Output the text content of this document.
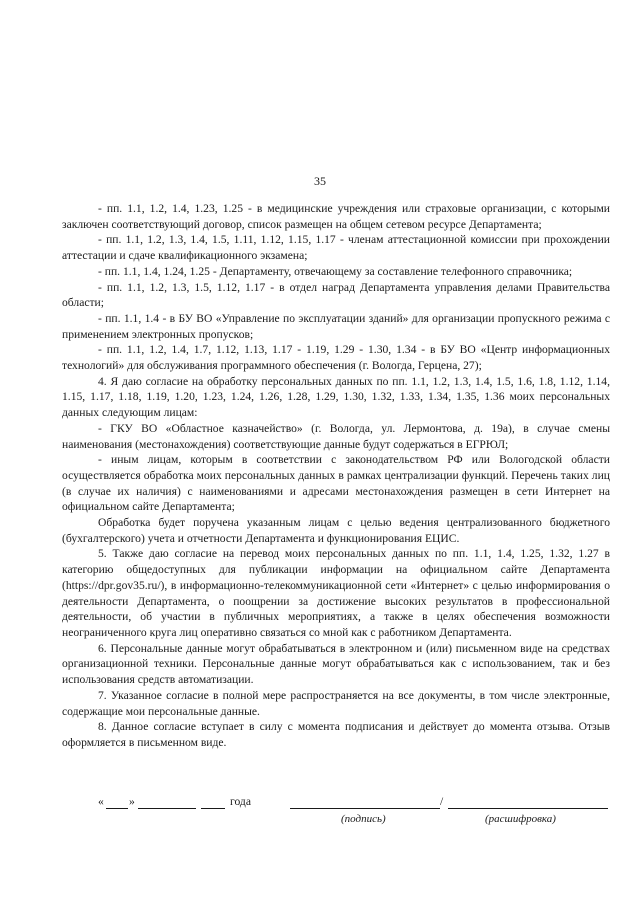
35

- пп. 1.1, 1.2, 1.4, 1.23, 1.25 - в медицинские учреждения или страховые организации, с которыми заключен соответствующий договор, список размещен на общем сетевом ресурсе Департамента;

- пп. 1.1, 1.2, 1.3, 1.4, 1.5, 1.11, 1.12, 1.15, 1.17 - членам аттестационной комиссии при прохождении аттестации и сдаче квалификационного экзамена;

- пп. 1.1, 1.4, 1.24, 1.25 - Департаменту, отвечающему за составление телефонного справочника;

- пп. 1.1, 1.2, 1.3, 1.5, 1.12, 1.17 - в отдел наград Департамента управления делами Правительства области;

- пп. 1.1, 1.4 - в БУ ВО «Управление по эксплуатации зданий» для организации пропускного режима с применением электронных пропусков;

- пп. 1.1, 1.2, 1.4, 1.7, 1.12, 1.13, 1.17 - 1.19, 1.29 - 1.30, 1.34 - в БУ ВО «Центр информационных технологий» для обслуживания программного обеспечения (г. Вологда, Герцена, 27);

4. Я даю согласие на обработку персональных данных по пп. 1.1, 1.2, 1.3, 1.4, 1.5, 1.6, 1.8, 1.12, 1.14, 1.15, 1.17, 1.18, 1.19, 1.20, 1.23, 1.24, 1.26, 1.28, 1.29, 1.30, 1.32, 1.33, 1.34, 1.35, 1.36 моих персональных данных следующим лицам:

- ГКУ ВО «Областное казначейство» (г. Вологда, ул. Лермонтова, д. 19а), в случае смены наименования (местонахождения) соответствующие данные будут содержаться в ЕГРЮЛ;

- иным лицам, которым в соответствии с законодательством РФ или Вологодской области осуществляется обработка моих персональных данных в рамках централизации функций. Перечень таких лиц (в случае их наличия) с наименованиями и адресами местонахождения размещен в сети Интернет на официальном сайте Департамента;

Обработка будет поручена указанным лицам с целью ведения централизованного бюджетного (бухгалтерского) учета и отчетности Департамента и функционирования ЕЦИС.

5. Также даю согласие на перевод моих персональных данных по пп. 1.1, 1.4, 1.25, 1.32, 1.27 в категорию общедоступных для публикации информации на официальном сайте Департамента (https://dpr.gov35.ru/), в информационно-телекоммуникационной сети «Интернет» с целью информирования о деятельности Департамента, о поощрении за достижение высоких результатов в профессиональной деятельности, об участии в публичных мероприятиях, а также в целях обеспечения возможности неограниченного круга лиц оперативно связаться со мной как с работником Департамента.

6. Персональные данные могут обрабатываться в электронном и (или) письменном виде на средствах организационной техники. Персональные данные могут обрабатываться как с использованием, так и без использования средств автоматизации.

7. Указанное согласие в полной мере распространяется на все документы, в том числе электронные, содержащие мои персональные данные.

8. Данное согласие вступает в силу с момента подписания и действует до момента отзыва. Отзыв оформляется в письменном виде.

« »	года	/
(подпись)	(расшифровка)
